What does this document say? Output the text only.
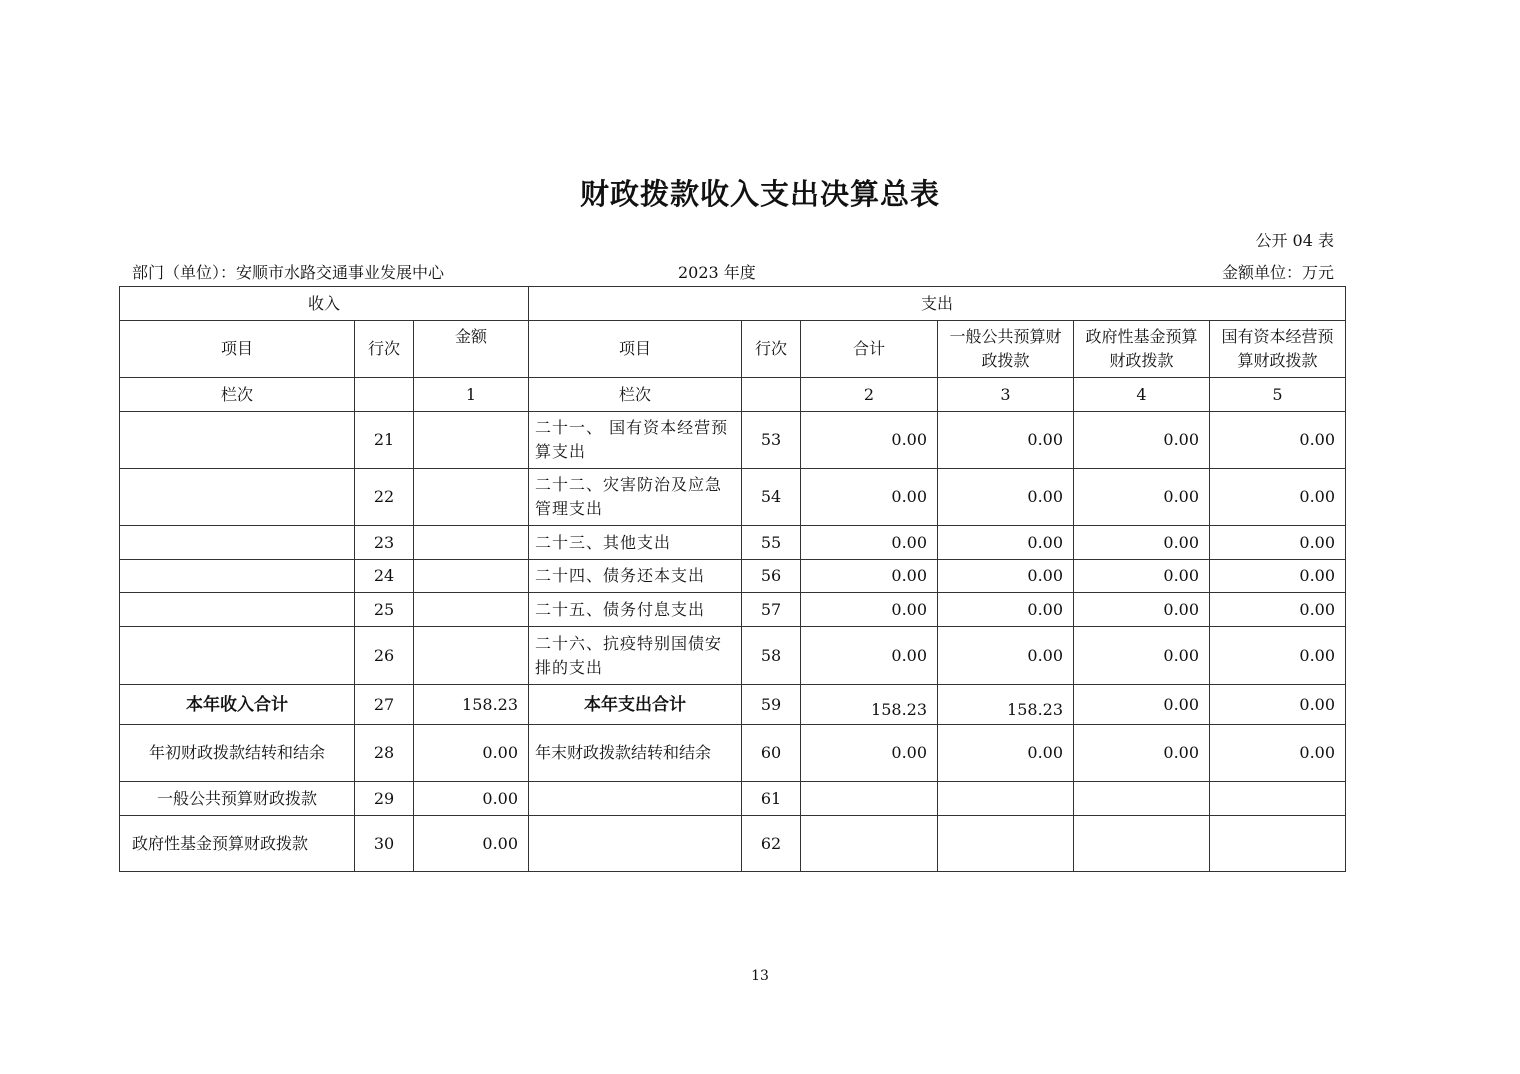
财政拨款收入支出决算总表
公开 04 表
部门（单位）：安顺市水路交通事业发展中心	2023 年度	金额单位：万元
收入			支出					
项目	行次	金额	项目	行次	合计	一般公共预算财政拨款	政府性基金预算财政拨款	国有资本经营预算财政拨款
栏次		1	栏次		2	3	4	5
	21		二十一、 国有资本经营预算支出	53	0.00	0.00	0.00	0.00
	22		二十二、灾害防治及应急管理支出	54	0.00	0.00	0.00	0.00
	23		二十三、其他支出	55	0.00	0.00	0.00	0.00
	24		二十四、债务还本支出	56	0.00	0.00	0.00	0.00
	25		二十五、债务付息支出	57	0.00	0.00	0.00	0.00
	26		二十六、抗疫特别国债安排的支出	58	0.00	0.00	0.00	0.00
本年收入合计	27	158.23	本年支出合计	59	158.23	158.23	0.00	0.00
年初财政拨款结转和结余	28	0.00	年末财政拨款结转和结余	60	0.00	0.00	0.00	0.00
一般公共预算财政拨款	29	0.00		61				
政府性基金预算财政拨款	30	0.00		62				
13
